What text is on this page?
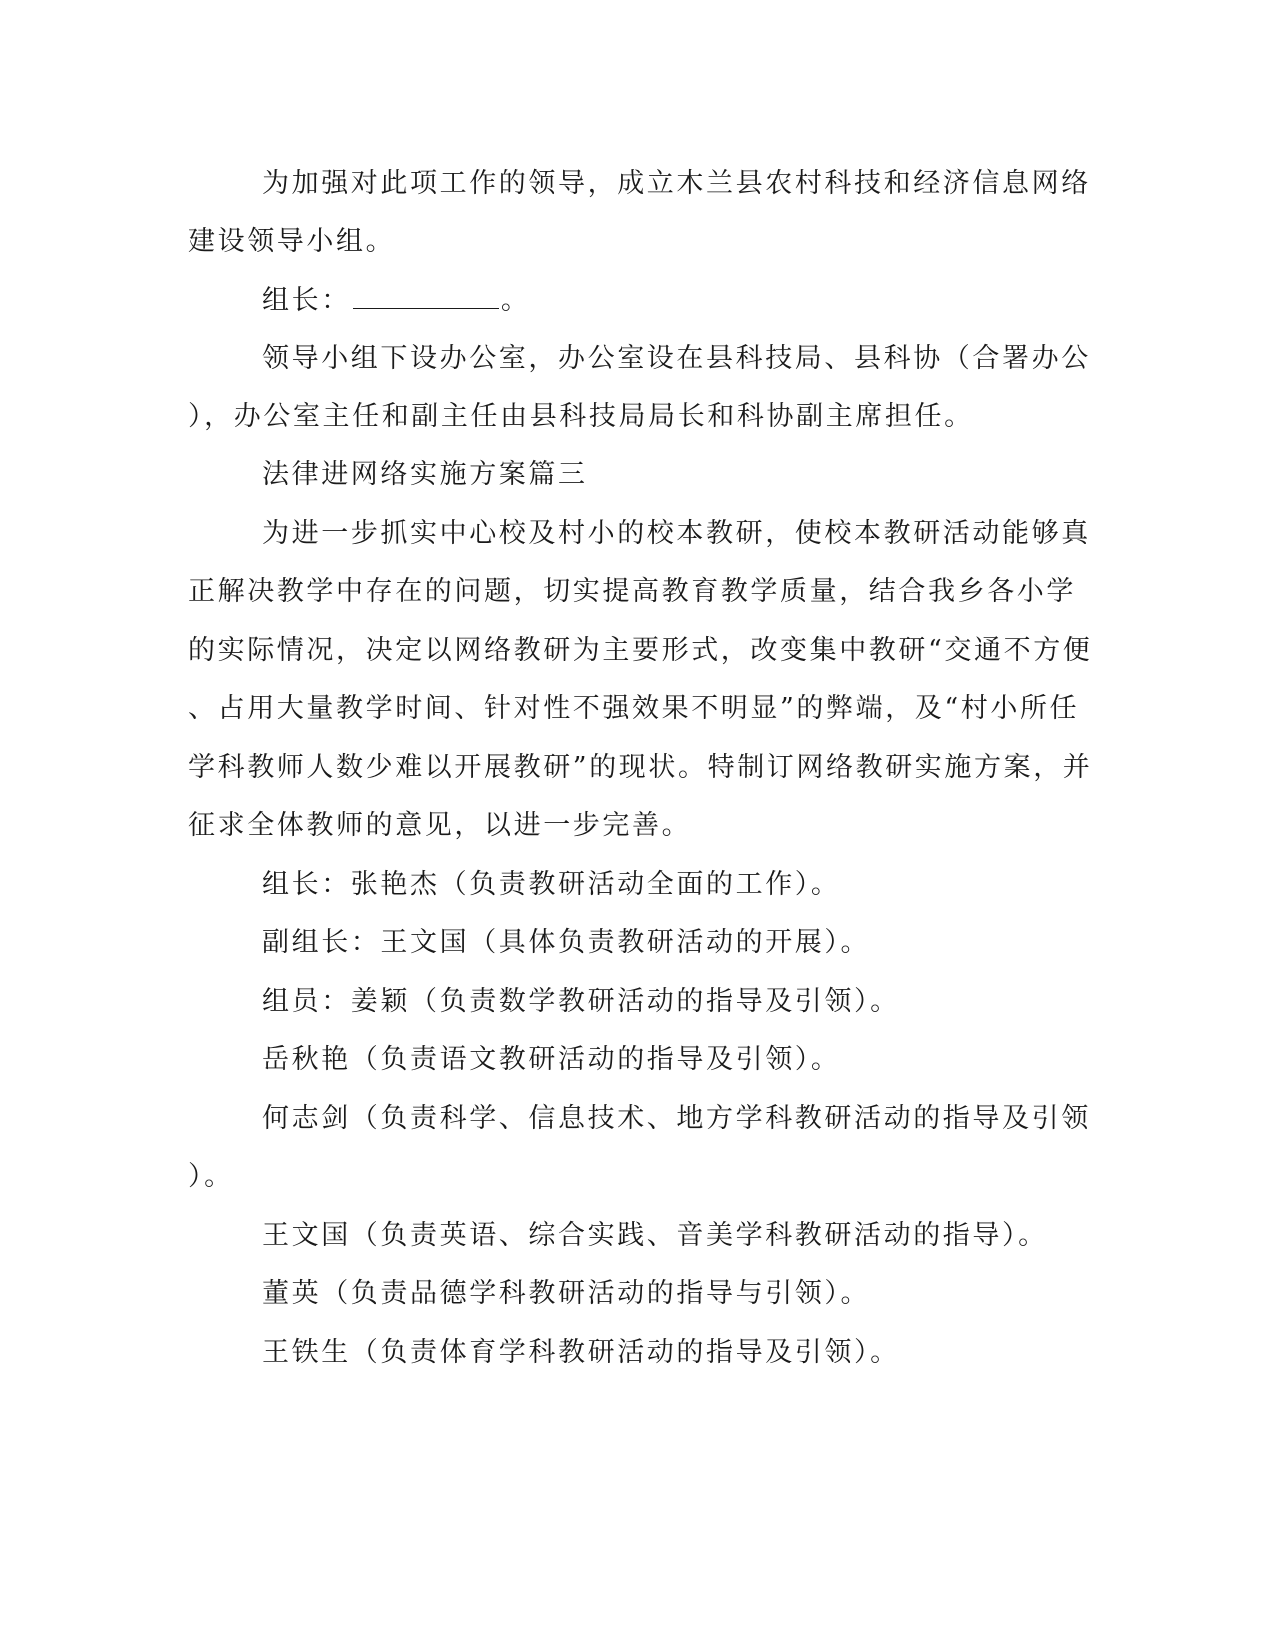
为加强对此项工作的领导，成立木兰县农村科技和经济信息网络
建设领导小组。
组长：	。
领导小组下设办公室，办公室设在县科技局、县科协（合署办公
），办公室主任和副主任由县科技局局长和科协副主席担任。
法律进网络实施方案篇三
为进一步抓实中心校及村小的校本教研，使校本教研活动能够真
正解决教学中存在的问题，切实提高教育教学质量，结合我乡各小学
的实际情况，决定以网络教研为主要形式，改变集中教研“交通不方便
、占用大量教学时间、针对性不强效果不明显”的弊端，及“村小所任
学科教师人数少难以开展教研”的现状。特制订网络教研实施方案，并
征求全体教师的意见，以进一步完善。
组长：张艳杰（负责教研活动全面的工作）。
副组长：王文国（具体负责教研活动的开展）。
组员：姜颖（负责数学教研活动的指导及引领）。
岳秋艳（负责语文教研活动的指导及引领）。
何志剑（负责科学、信息技术、地方学科教研活动的指导及引领
）。
王文国（负责英语、综合实践、音美学科教研活动的指导）。
董英（负责品德学科教研活动的指导与引领）。
王铁生（负责体育学科教研活动的指导及引领）。
